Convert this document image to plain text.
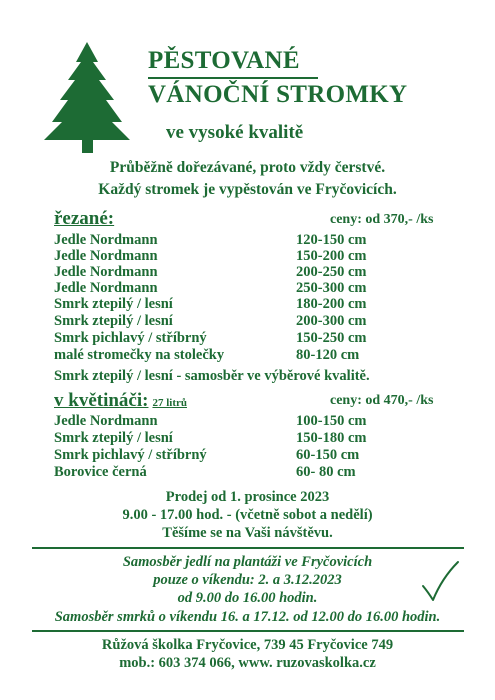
PĚSTOVANÉ
VÁNOČNÍ STROMKY
ve vysoké kvalitě
Průběžně dořezávané, proto vždy čerstvé.
Každý stromek je vypěstován ve Fryčovicích.
řezané:	ceny: od 370,- /ks
Jedle Nordmann	120-150 cm
Jedle Nordmann	150-200 cm
Jedle Nordmann	200-250 cm
Jedle Nordmann	250-300 cm
Smrk ztepilý / lesní	180-200 cm
Smrk ztepilý / lesní	200-300 cm
Smrk pichlavý / stříbrný	150-250 cm
malé stromečky na stolečky	80-120 cm
Smrk ztepilý / lesní - samosběr ve výběrové kvalitě.
v květináči: 27 litrů	ceny: od 470,- /ks
Jedle Nordmann	100-150 cm
Smrk ztepilý / lesní	150-180 cm
Smrk pichlavý / stříbrný	60-150 cm
Borovice černá	60- 80 cm
Prodej od 1. prosince 2023
9.00 - 17.00 hod. - (včetně sobot a nedělí)
Těšíme se na Vaši návštěvu.
Samosběr jedlí na plantáži ve Fryčovicích
pouze o víkendu: 2. a 3.12.2023
od 9.00 do 16.00 hodin.
Samosběr smrků o víkendu 16. a 17.12. od 12.00 do 16.00 hodin.
Růžová školka Fryčovice, 739 45 Fryčovice 749
mob.: 603 374 066, www. ruzovaskolka.cz
